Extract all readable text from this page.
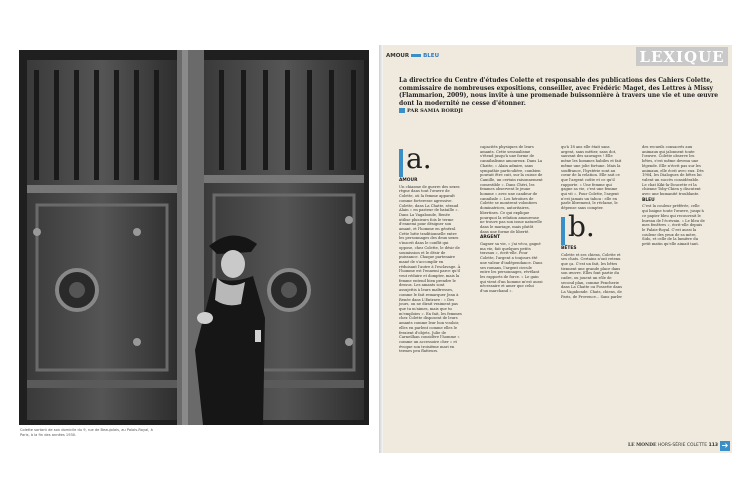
Colette sortant de son domicile du 9, rue de Beaujolais, au Palais-Royal, à Paris, à la fin des années 1930.
AMOUR	BLEU	LEXIQUE
La directrice du Centre d'études Colette et responsable des publications des Cahiers Colette, commissaire de nombreuses expositions, conseiller, avec Frédéric Maget, des Lettres à Missy (Flammarion, 2009), nous invite à une promenade buissonnière à travers une vie et une œuvre dont la modernité ne cesse d'étonner.
PAR SAMIA BORDJI
a.
AMOUR

Un chiasme de guerre des sexes règne dans tout l'œuvre de Colette, où la femme apparaît comme forteresse agressive. Colette, dans La Chatte, séraud Alain « en pasteur de bataille ». Dans La Vagabonde, Renée utilise plusieurs fois le terme d'ennemi pour désigner son amant, et l'homme en général. Cette lutte traditionnelle entre les personnages des deux sexes s'inscrit dans le conflit qui oppose, chez Colette, le désir de soumission et le désir de puissance. Chaque partenaire mané de s'accomplir en réduisant l'autre à l'esclavage. À l'homme est l'ennemi parce qu'il veut réduire et dompter, mais la femme entend bien prendre le dessus. Les amants sont assujettis à leurs maîtresses, comme le fait remarquer Jean à Renée dans L'Entrave : « Des jours, on ne dirait vraiment pas que tu m'aimes, mais que tu m'emploies ». En fait, les femmes chez Colette disposent de leurs amants comme leur bon vouloir, elles en parlent comme elles le feraient d'objets. Julie de Carneilhan considère l'homme « comme un accessoire cher » et évoque son troisième mari en termes peu flatteurs.

capacités physiques de leurs amants. Cette sensualisme s'étend jusqu'à une forme de cannibalisme amoureux. Dans La Chatte, « Alain admire, sans sympathie particulière, combien pouvait être cuit, sur la cuisse de Camille, un certain raisonnement comestible ». Dans Chéri, les femmes observent le jeune homme « avec une candeur de cannibale ». Les héroïnes de Colette se montrent volontiers dominatrices, autoritaires, libertines. Ce qui explique pourquoi la relation amoureuse ne trouve pas son issue naturelle dans le mariage, mais plutôt dans une forme de liberté.

ARGENT

Gagner sa vie, « j'ai vécu, gagné ma vie, fait quelques petits travaux », écrit-elle. Pour Colette, l'argent a toujours été une valeur d'indépendance. Dans ses romans, l'argent circule entre les personnages, révélant les rapports de force. « Le gain qui vient d'un homme m'est aussi nécessaire et amer que celui d'un marchand ».

qu'à 18 ans elle était sans argent, sans métier, sans dot, sauvant des sauvages ! Elle mène les hommes habiles et fait même une jolie fortune. Mais la souffrance, l'hystérie sont au cœur de la relation. Elle sait ce que l'argent coûte et ce qu'il rapporte. « Une femme qui gagne sa vie, c'est une femme qui vit ». Pour Colette, l'argent n'est jamais un tabou : elle en parle librement, le réclame, le dépense sans compter.

b.
BÊTES

Colette et ses chiens, Colette et ses chats. Certains n'ont retenu que ça. C'est un fait, les bêtes tiennent une grande place dans son œuvre. Elles font partie du cadre, ou jouent un rôle de second plan, comme Pencherie dans La Chatte ou Fossette dans La Vagabonde. Chats, chiens, de Paris, de Provence... Sans parler

des recueils consacrés aux animaux qui jalonnent toute l'œuvre. Colette observe les bêtes, s'est même devenu une légende. Elle n'écrit pas sur les animaux, elle écrit avec eux. Dès 1904, les Dialogues de bêtes lui valent un succès considérable. Le chat Kiki-la-Doucette et la chienne Toby-Chien y discutent avec une humanité troublante.

BLEU

C'est la couleur préférée, celle qui baigne toute l'œuvre, jusqu'à ce papier bleu qui recouvrait le bureau de l'écrivain. « Le bleu de mes fenêtres », écrit-elle depuis le Palais-Royal. C'est aussi la couleur des yeux de sa mère, Sido, et celle de la lumière du petit matin qu'elle aimait tant.

LE MONDE HORS-SÉRIE COLETTE 113 ➔
